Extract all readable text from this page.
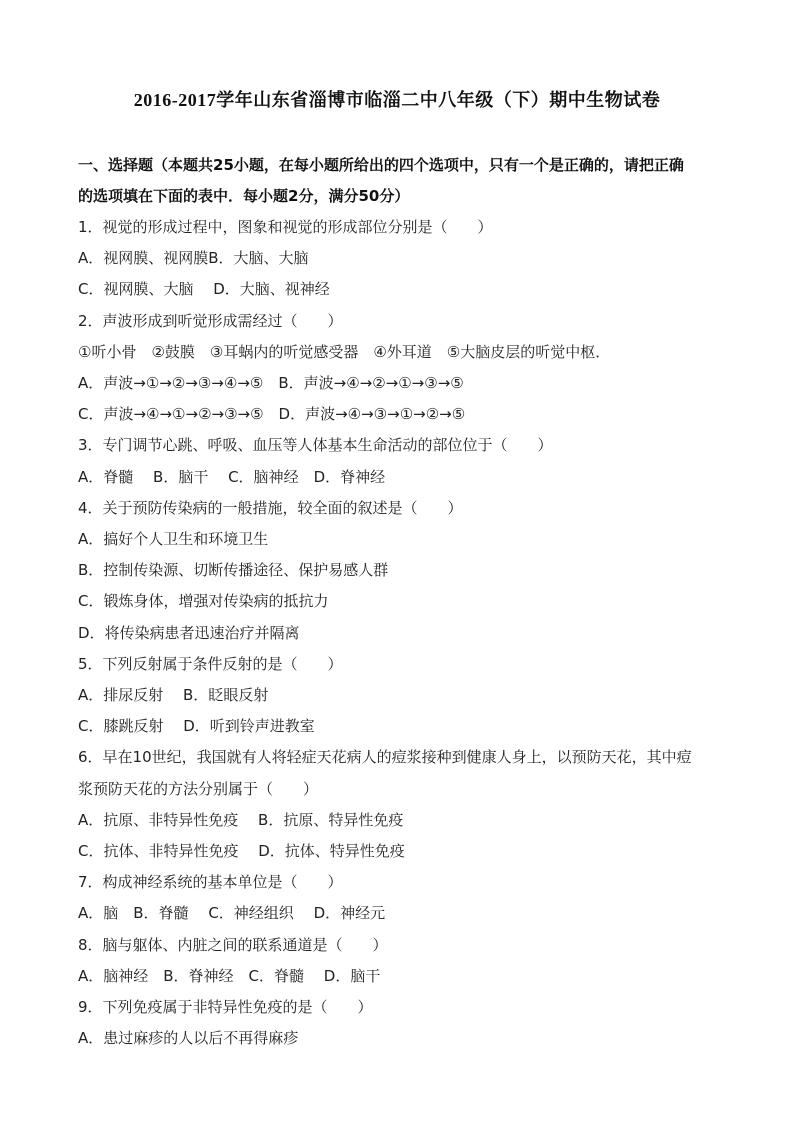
2016-2017学年山东省淄博市临淄二中八年级（下）期中生物试卷
一、选择题（本题共25小题，在每小题所给出的四个选项中，只有一个是正确的，请把正确
的选项填在下面的表中．每小题2分，满分50分）
1．视觉的形成过程中，图象和视觉的形成部位分别是（　　）
A．视网膜、视网膜B．大脑、大脑
C．视网膜、大脑　 D．大脑、视神经
2．声波形成到听觉形成需经过（　　）
①听小骨　②鼓膜　③耳蜗内的听觉感受器　④外耳道　⑤大脑皮层的听觉中枢．
A．声波→①→②→③→④→⑤　B．声波→④→②→①→③→⑤
C．声波→④→①→②→③→⑤　D．声波→④→③→①→②→⑤
3．专门调节心跳、呼吸、血压等人体基本生命活动的部位位于（　　）
A．脊髓　 B．脑干　 C．脑神经　D．脊神经
4．关于预防传染病的一般措施，较全面的叙述是（　　）
A．搞好个人卫生和环境卫生
B．控制传染源、切断传播途径、保护易感人群
C．锻炼身体，增强对传染病的抵抗力
D．将传染病患者迅速治疗并隔离
5．下列反射属于条件反射的是（　　）
A．排尿反射　 B．眨眼反射
C．膝跳反射　 D．听到铃声进教室
6．早在10世纪，我国就有人将轻症天花病人的痘浆接种到健康人身上，以预防天花，其中痘
浆预防天花的方法分别属于（　　）
A．抗原、非特异性免疫　 B．抗原、特异性免疫
C．抗体、非特异性免疫　 D．抗体、特异性免疫
7．构成神经系统的基本单位是（　　）
A．脑　B．脊髓　 C．神经组织　 D．神经元
8．脑与躯体、内脏之间的联系通道是（　　）
A．脑神经　B．脊神经　C．脊髓　 D．脑干
9．下列免疫属于非特异性免疫的是（　　）
A．患过麻疹的人以后不再得麻疹
